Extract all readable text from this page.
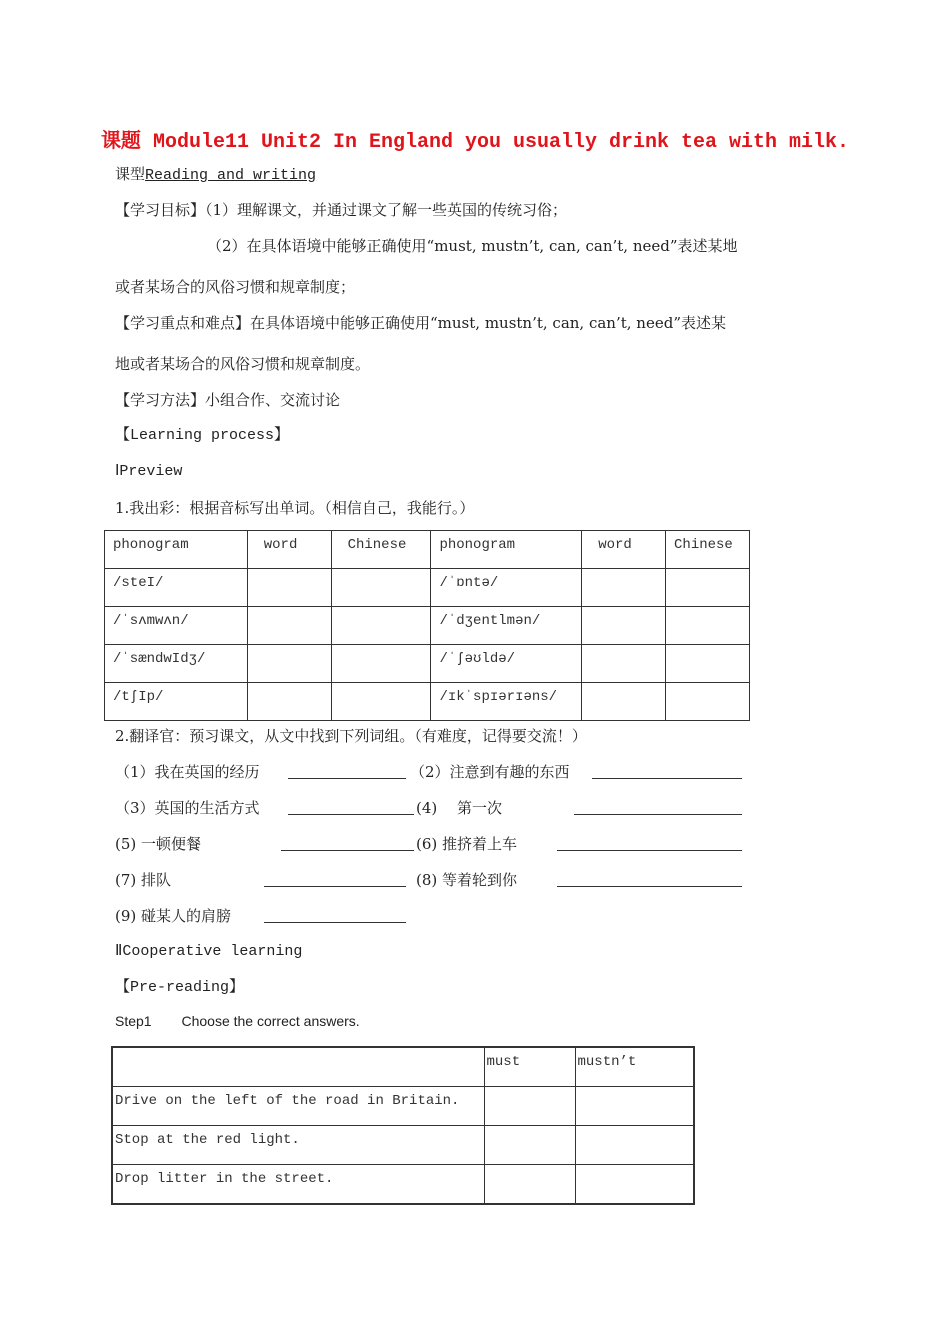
课题 Module11 Unit2 In England you usually drink tea with milk.
课型Reading and writing
【学习目标】（1）理解课文，并通过课文了解一些英国的传统习俗；
（2）在具体语境中能够正确使用“must, mustn’t, can, can’t, need”表述某地
或者某场合的风俗习惯和规章制度；
【学习重点和难点】在具体语境中能够正确使用“must, mustn’t, can, can’t, need”表述某
地或者某场合的风俗习惯和规章制度。
【学习方法】小组合作、交流讨论
【Learning process】
ⅠPreview
1.我出彩：根据音标写出单词。（相信自己，我能行。）
phonogram	word	Chinese	phonogram	word	Chinese
/steI/			/ˈɒntə/		
/ˈsʌmwʌn/			/ˈdʒentlmən/		
/ˈsændwIdʒ/			/ˈʃəʊldə/		
/tʃIp/			/ɪkˈspɪərɪəns/		
2.翻译官：预习课文，从文中找到下列词组。（有难度，记得要交流！）
（1）我在英国的经历	（2）注意到有趣的东西
（3）英国的生活方式	(4)　 第一次
(5) 一顿便餐	(6) 推挤着上车
(7) 排队	(8) 等着轮到你
(9) 碰某人的肩膀
ⅡCooperative learning
【Pre-reading】
Step1 Choose the correct answers.
	must	mustn’t
Drive on the left of the road in Britain.		
Stop at the red light.		
Drop litter in the street.		
